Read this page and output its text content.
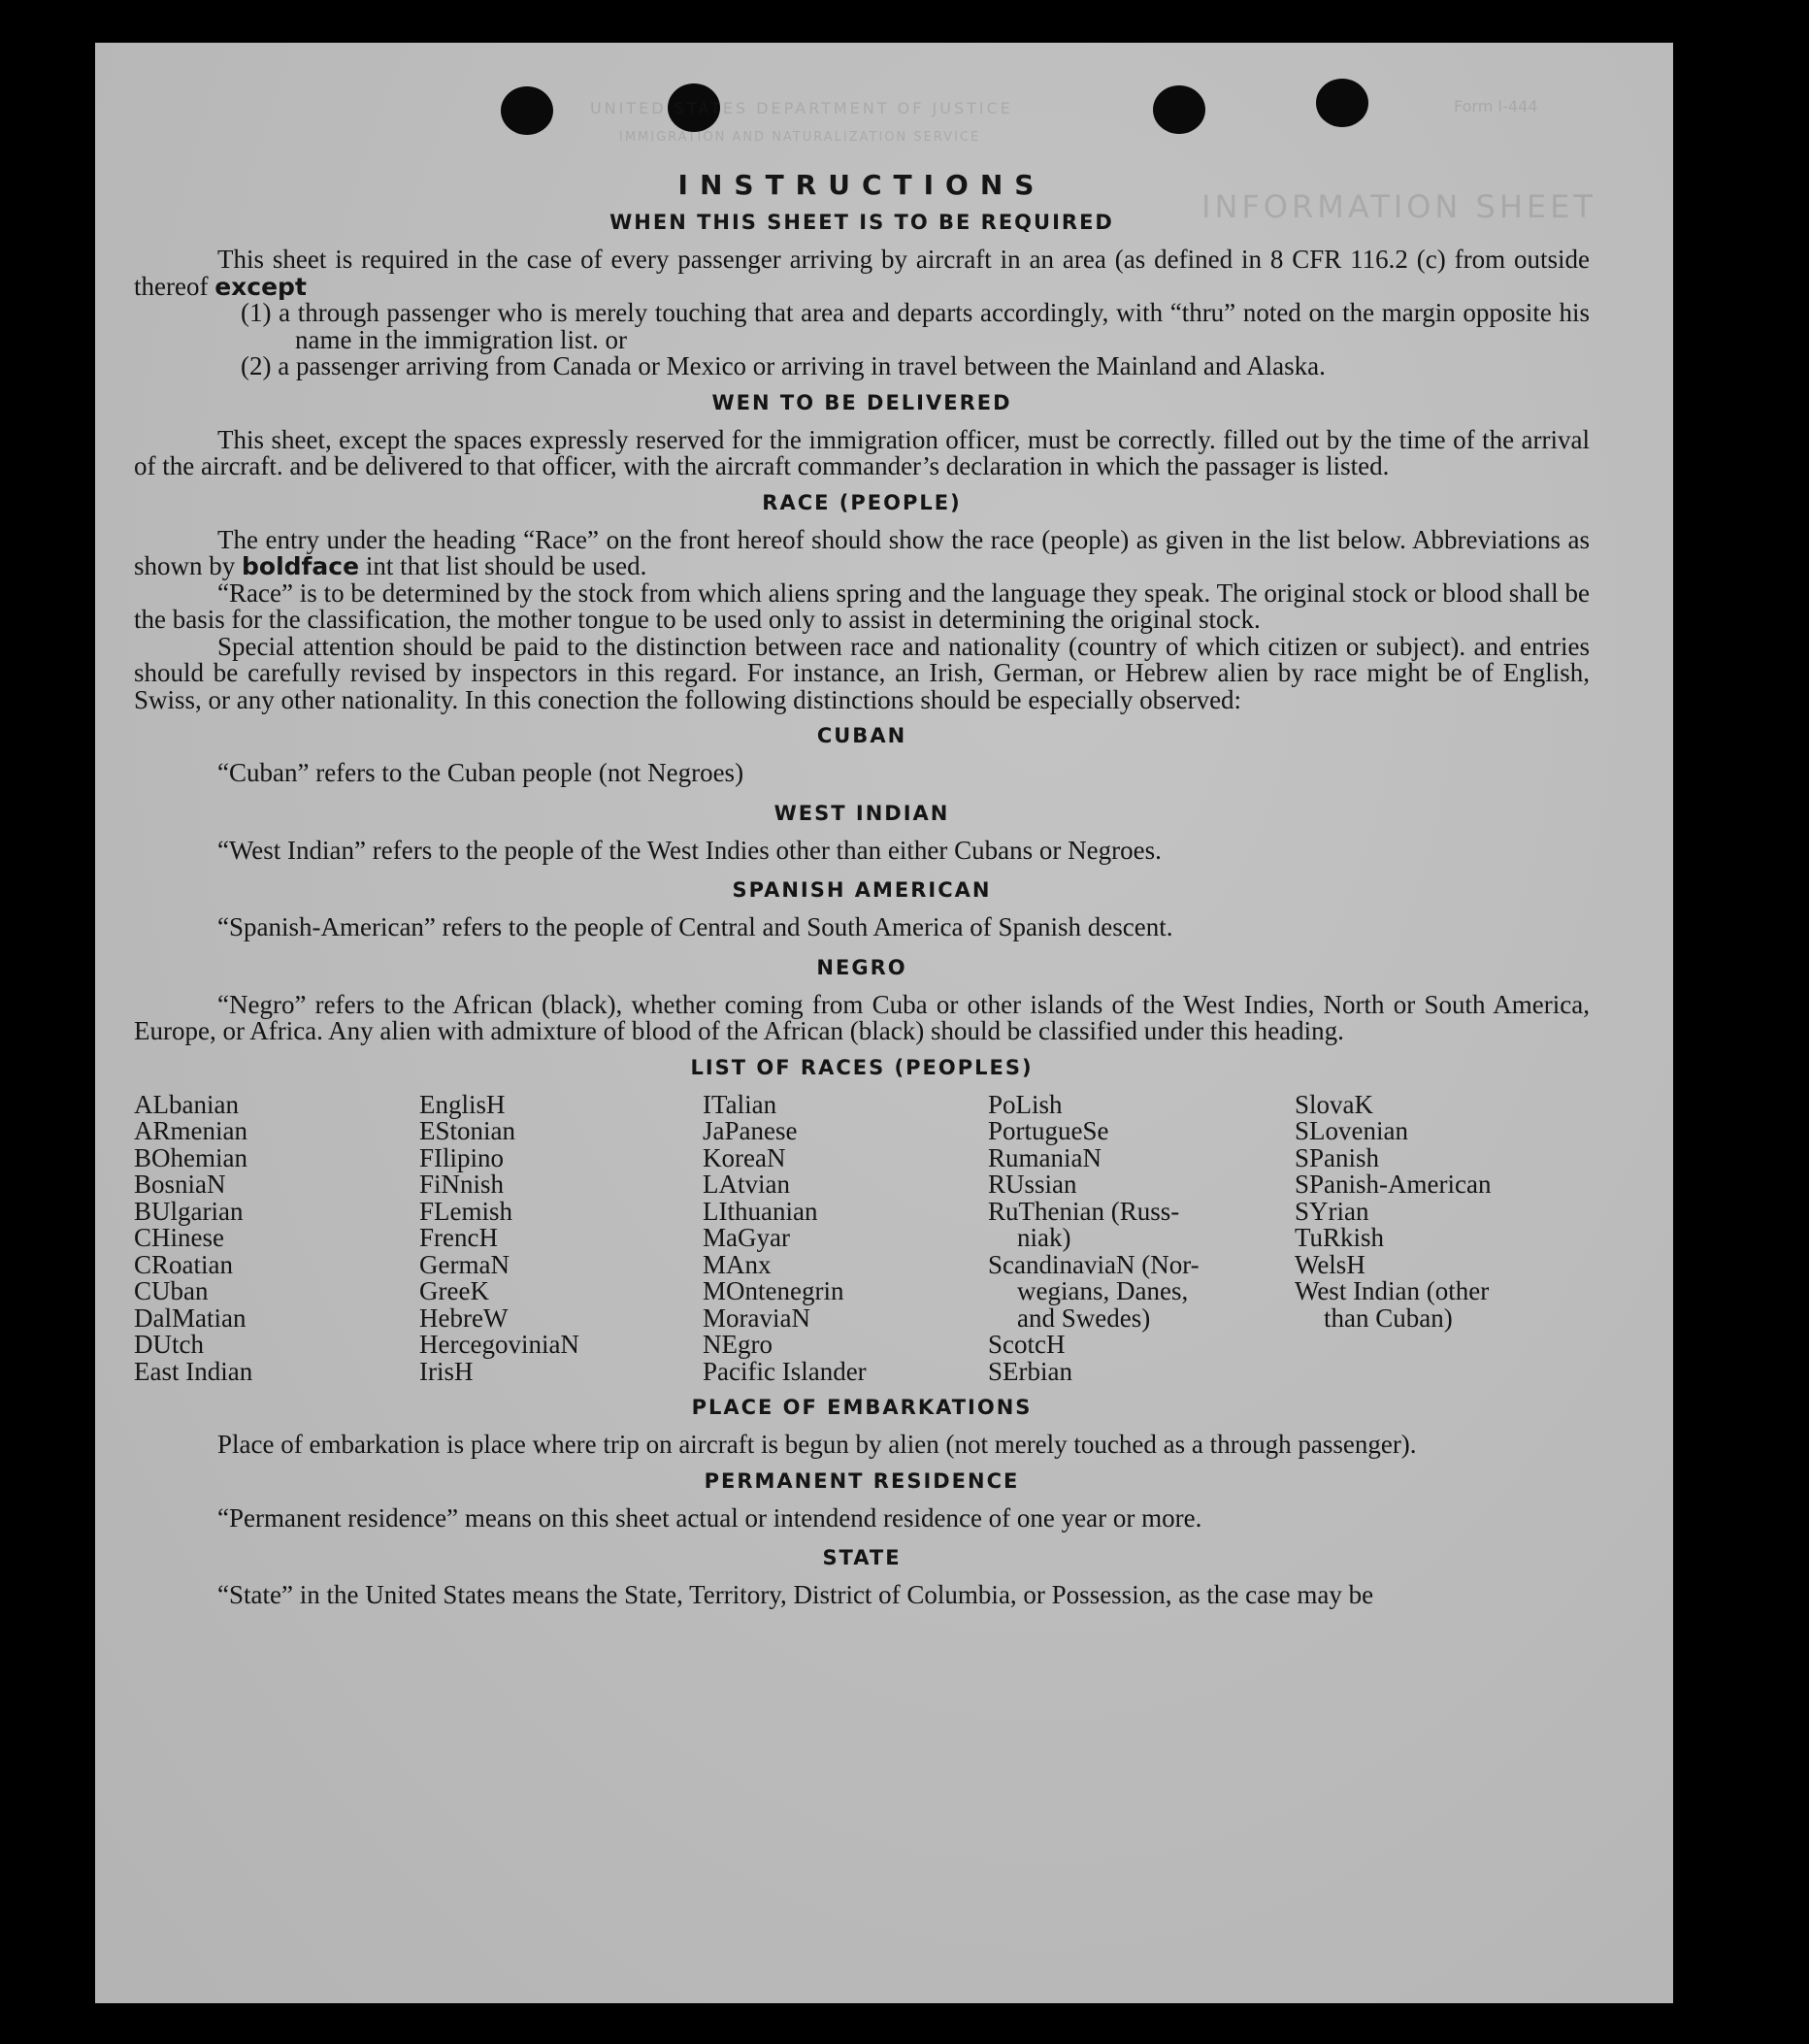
UNITED STATES DEPARTMENT OF JUSTICE
IMMIGRATION AND NATURALIZATION SERVICE
Form I-444
INFORMATION SHEET
INSTRUCTIONS
WHEN THIS SHEET IS TO BE REQUIRED

This sheet is required in the case of every passenger arriving by aircraft in an area (as defined in 8 CFR 116.2 (c) from outside thereof except

(1) a through passenger who is merely touching that area and departs accordingly, with “thru” noted on the margin opposite his name in the immigration list. or

(2) a passenger arriving from Canada or Mexico or arriving in travel between the Mainland and Alaska.

WEN TO BE DELIVERED

This sheet, except the spaces expressly reserved for the immigration officer, must be correctly. filled out by the time of the arrival of the aircraft. and be delivered to that officer, with the aircraft commander’s declaration in which the passager is listed.

RACE (PEOPLE)

The entry under the heading “Race” on the front hereof should show the race (people) as given in the list below. Abbreviations as shown by boldface int that list should be used.

“Race” is to be determined by the stock from which aliens spring and the language they speak. The original stock or blood shall be the basis for the classification, the mother tongue to be used only to assist in determining the original stock.

Special attention should be paid to the distinction between race and nationality (country of which citizen or subject). and entries should be carefully revised by inspectors in this regard. For instance, an Irish, German, or Hebrew alien by race might be of English, Swiss, or any other nationality. In this conection the following distinctions should be especially observed:

CUBAN

“Cuban” refers to the Cuban people (not Negroes)

WEST INDIAN

“West Indian” refers to the people of the West Indies other than either Cubans or Negroes.

SPANISH AMERICAN

“Spanish-American” refers to the people of Central and South America of Spanish descent.

NEGRO

“Negro” refers to the African (black), whether coming from Cuba or other islands of the West Indies, North or South America, Europe, or Africa. Any alien with admixture of blood of the African (black) should be classified under this heading.

LIST OF RACES (PEOPLES)
ALbanian
ARmenian
BOhemian
BosniaN
BUlgarian
CHinese
CRoatian
CUban
DalMatian
DUtch
East Indian
EnglisH
EStonian
FIlipino
FiNnish
FLemish
FrencH
GermaN
GreeK
HebreW
HercegoviniaN
IrisH
ITalian
JaPanese
KoreaN
LAtvian
LIthuanian
MaGyar
MAnx
MOntenegrin
MoraviaN
NEgro
Pacific Islander
PoLish
PortugueSe
RumaniaN
RUssian
RuThenian (Russ-
niak)
ScandinaviaN (Nor-
wegians, Danes,
and Swedes)
ScotcH
SErbian
SlovaK
SLovenian
SPanish
SPanish-American
SYrian
TuRkish
WelsH
West Indian (other
than Cuban)
PLACE OF EMBARKATIONS

Place of embarkation is place where trip on aircraft is begun by alien (not merely touched as a through passenger).

PERMANENT RESIDENCE

“Permanent residence” means on this sheet actual or intendend residence of one year or more.

STATE

“State” in the United States means the State, Territory, District of Columbia, or Possession, as the case may be
